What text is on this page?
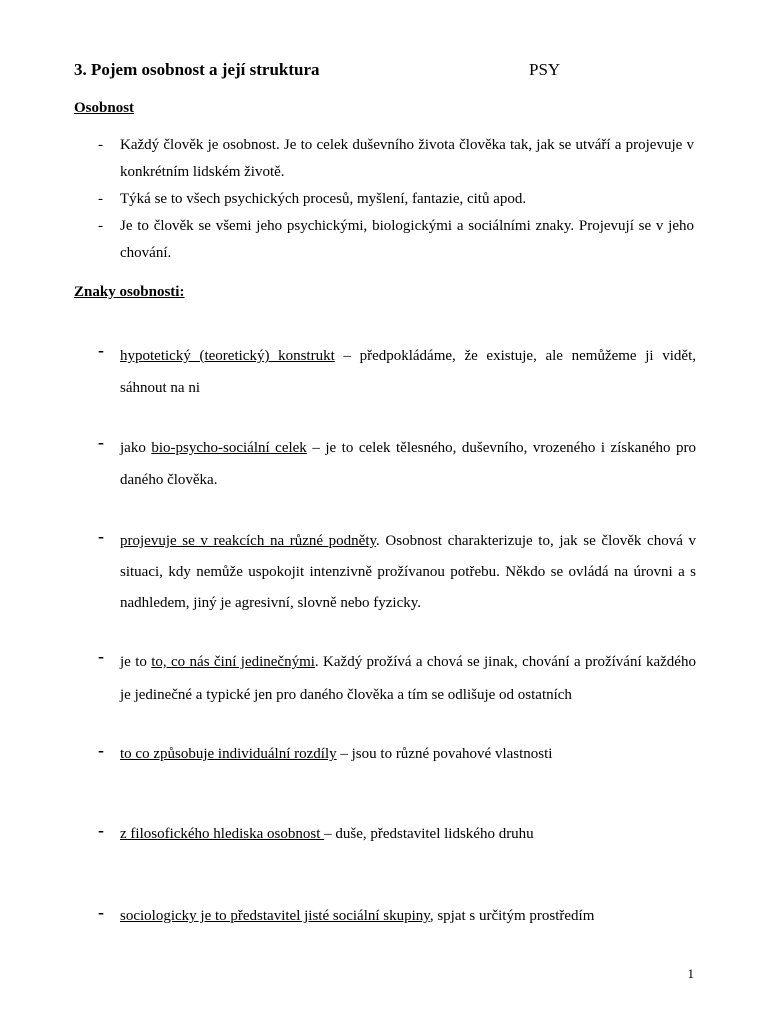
3. Pojem osobnost a její struktura	PSY
Osobnost
- Každý člověk je osobnost. Je to celek duševního života člověka tak, jak se utváří a projevuje v konkrétním lidském životě.
- Týká se to všech psychických procesů, myšlení, fantazie, citů apod.
- Je to člověk se všemi jeho psychickými, biologickými a sociálními znaky. Projevují se v jeho chování.
Znaky osobnosti:
- hypotetický (teoretický) konstrukt – předpokládáme, že existuje, ale nemůžeme ji vidět, sáhnout na ni
- jako bio-psycho-sociální celek – je to celek tělesného, duševního, vrozeného i získaného pro daného člověka.
- projevuje se v reakcích na různé podněty. Osobnost charakterizuje to, jak se člověk chová v situaci, kdy nemůže uspokojit intenzivně prožívanou potřebu. Někdo se ovládá na úrovni a s nadhledem, jiný je agresivní, slovně nebo fyzicky.
- je to to, co nás činí jedinečnými. Každý prožívá a chová se jinak, chování a prožívání každého je jedinečné a typické jen pro daného člověka a tím se odlišuje od ostatních
- to co způsobuje individuální rozdíly – jsou to různé povahové vlastnosti
- z filosofického hlediska osobnost – duše, představitel lidského druhu
- sociologicky je to představitel jisté sociální skupiny, spjat s určitým prostředím
1
